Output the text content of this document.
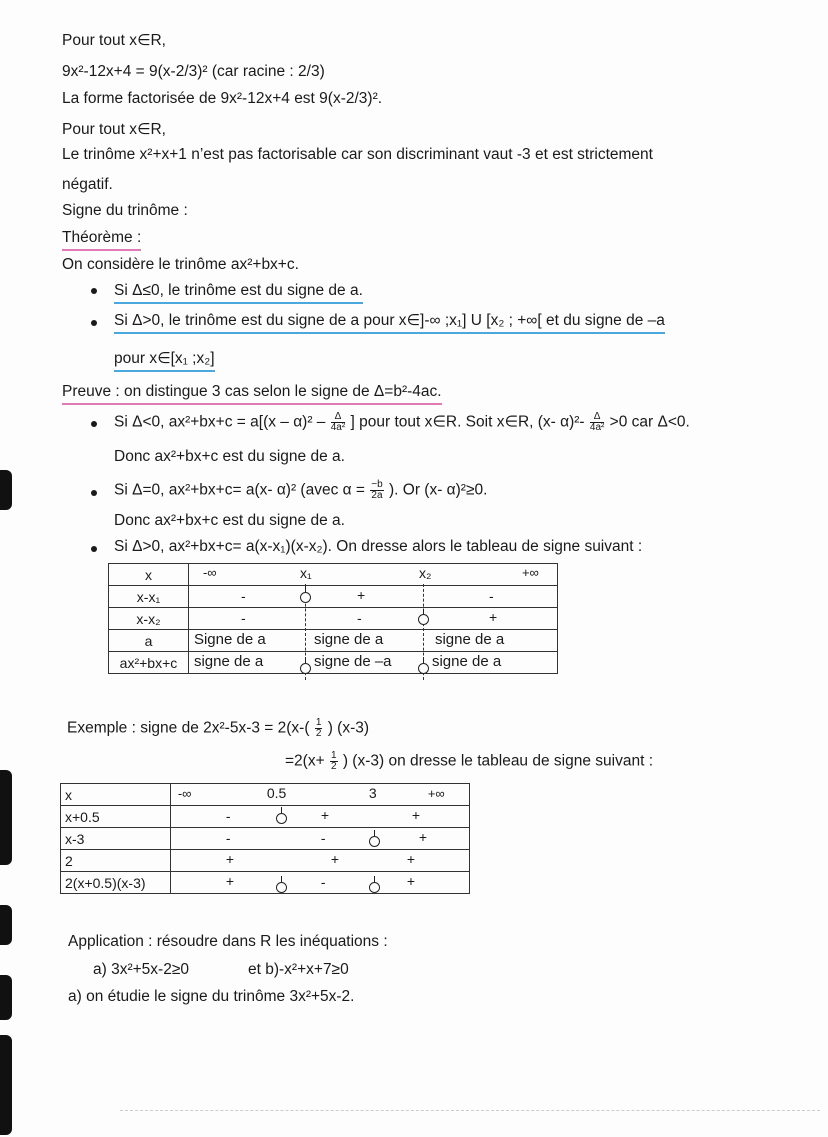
Pour tout x∈R,
9x²-12x+4 = 9(x-2/3)² (car racine : 2/3)
La forme factorisée de 9x²-12x+4 est 9(x-2/3)².
Pour tout x∈R,
Le trinôme x²+x+1 n’est pas factorisable car son discriminant vaut -3 et est strictement
négatif.
Signe du trinôme :
Théorème :
On considère le trinôme ax²+bx+c.
Si Δ≤0, le trinôme est du signe de a.
Si Δ>0, le trinôme est du signe de a pour x∈]-∞ ;x₁] U [x₂ ; +∞[ et du signe de –a
pour x∈[x₁ ;x₂]
Preuve : on distingue 3 cas selon le signe de Δ=b²-4ac.
Si Δ<0, $ax^2+bx+c = a[(x - \alpha)^2 - \frac{\Delta}{\text{4a²}}$ ] pour tout x∈R. Soit x∈R, (x- $\alpha)^2- \frac{\Delta}{\text{4a²}} >0$ car Δ<0.
Donc ax²+bx+c est du signe de a.
Si Δ=0, ax²+bx+c= a(x- α)² (avec $\alpha = \frac{-b}{2a}$ ). Or (x- α)²≥0.
Donc ax²+bx+c est du signe de a.
Si Δ>0, ax²+bx+c= a(x-x₁)(x-x₂). On dresse alors le tableau de signe suivant :
x	-∞ x₁ x₂ +∞

x-x₁	- + -

x-x₂	- - +

a	Signe de a signe de a signe de a

ax²+bx+c	signe de a signe de –a signe de a
Exemple : signe de $2x^2-5x-3 = 2(x-( \frac{1}{2}$ ) (x-3)
$=2(x+ \frac{1}{2}$ ) (x-3) on dresse le tableau de signe suivant :
x	-∞ 0.5 3 +∞

x+0.5	- + +

x-3	- - +

2	+ + +

2(x+0.5)(x-3)	+ - +
Application : résoudre dans R les inéquations :
a) 3x²+5x-2≥0	et b)-x²+x+7≥0
a) on étudie le signe du trinôme 3x²+5x-2.
